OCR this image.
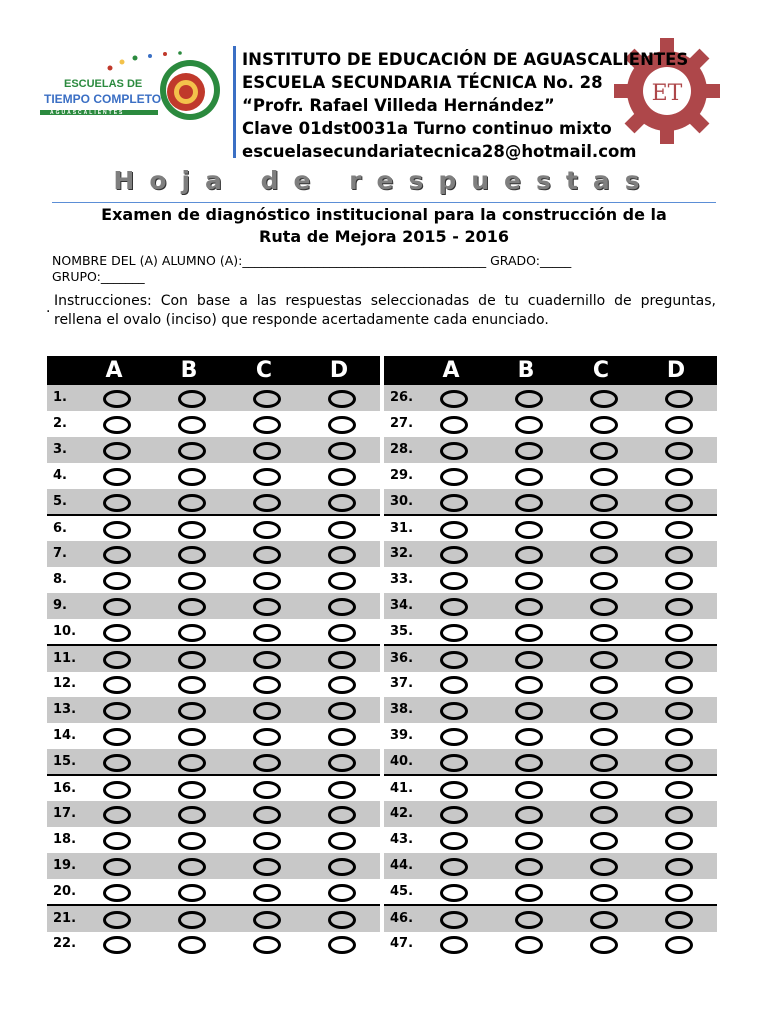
ESCUELAS DE
TIEMPO COMPLETO
AGUASCALIENTES
ET
INSTITUTO DE EDUCACIÓN DE AGUASCALIENTES
ESCUELA SECUNDARIA TÉCNICA No. 28
“Profr. Rafael Villeda Hernández”
Clave 01dst0031a Turno continuo mixto
escuelasecundariatecnica28@hotmail.com
Hoja de respuestas
Examen de diagnóstico institucional para la construcción de la
Ruta de Mejora 2015 - 2016
NOMBRE DEL (A) ALUMNO (A):_______________________________________ GRADO:_____
GRUPO:_______
. Instrucciones: Con base a las respuestas seleccionadas de tu cuadernillo de preguntas, rellena el ovalo (inciso) que responde acertadamente cada enunciado.
A	B	C	D
1.
2.
3.
4.
5.
6.
7.
8.
9.
10.
11.
12.
13.
14.
15.
16.
17.
18.
19.
20.
21.
22.
A	B	C	D
26.
27.
28.
29.
30.
31.
32.
33.
34.
35.
36.
37.
38.
39.
40.
41.
42.
43.
44.
45.
46.
47.
